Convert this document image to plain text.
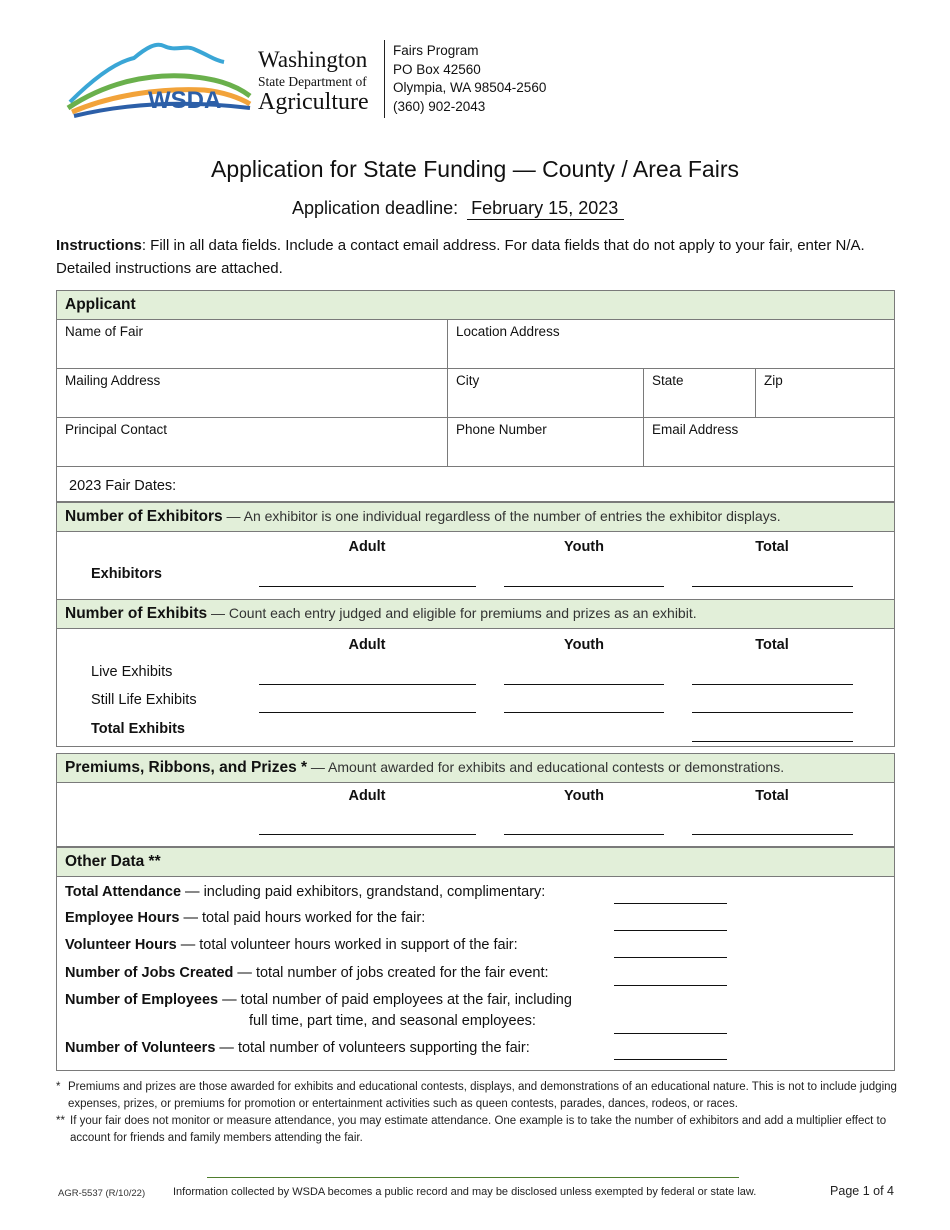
WSDA
Washington
State Department of
Agriculture
Fairs Program
PO Box 42560
Olympia, WA 98504-2560
(360) 902-2043
Application for State Funding — County / Area Fairs
Application deadline: February 15, 2023
Instructions: Fill in all data fields. Include a contact email address. For data fields that do not apply to your fair, enter N/A. Detailed instructions are attached.
Applicant
Name of Fair	Location Address
Mailing Address	City	State	Zip
Principal Contact	Phone Number	Email Address
2023 Fair Dates:
Number of Exhibitors — An exhibitor is one individual regardless of the number of entries the exhibitor displays.
Adult	Youth	Total
Exhibitors
Number of Exhibits — Count each entry judged and eligible for premiums and prizes as an exhibit.
Adult	Youth	Total
Live Exhibits
Still Life Exhibits
Total Exhibits
Premiums, Ribbons, and Prizes * — Amount awarded for exhibits and educational contests or demonstrations.
Adult	Youth	Total
Other Data **
Total Attendance — including paid exhibitors, grandstand, complimentary:
Employee Hours — total paid hours worked for the fair:
Volunteer Hours — total volunteer hours worked in support of the fair:
Number of Jobs Created — total number of jobs created for the fair event:
Number of Employees — total number of paid employees at the fair, including
full time, part time, and seasonal employees:
Number of Volunteers — total number of volunteers supporting the fair:
* Premiums and prizes are those awarded for exhibits and educational contests, displays, and demonstrations of an educational nature. This is not to include judging expenses, prizes, or premiums for promotion or entertainment activities such as queen contests, parades, dances, rodeos, or races.
** If your fair does not monitor or measure attendance, you may estimate attendance. One example is to take the number of exhibitors and add a multiplier effect to account for friends and family members attending the fair.
AGR-5537 (R/10/22)	Information collected by WSDA becomes a public record and may be disclosed unless exempted by federal or state law.	Page 1 of 4
